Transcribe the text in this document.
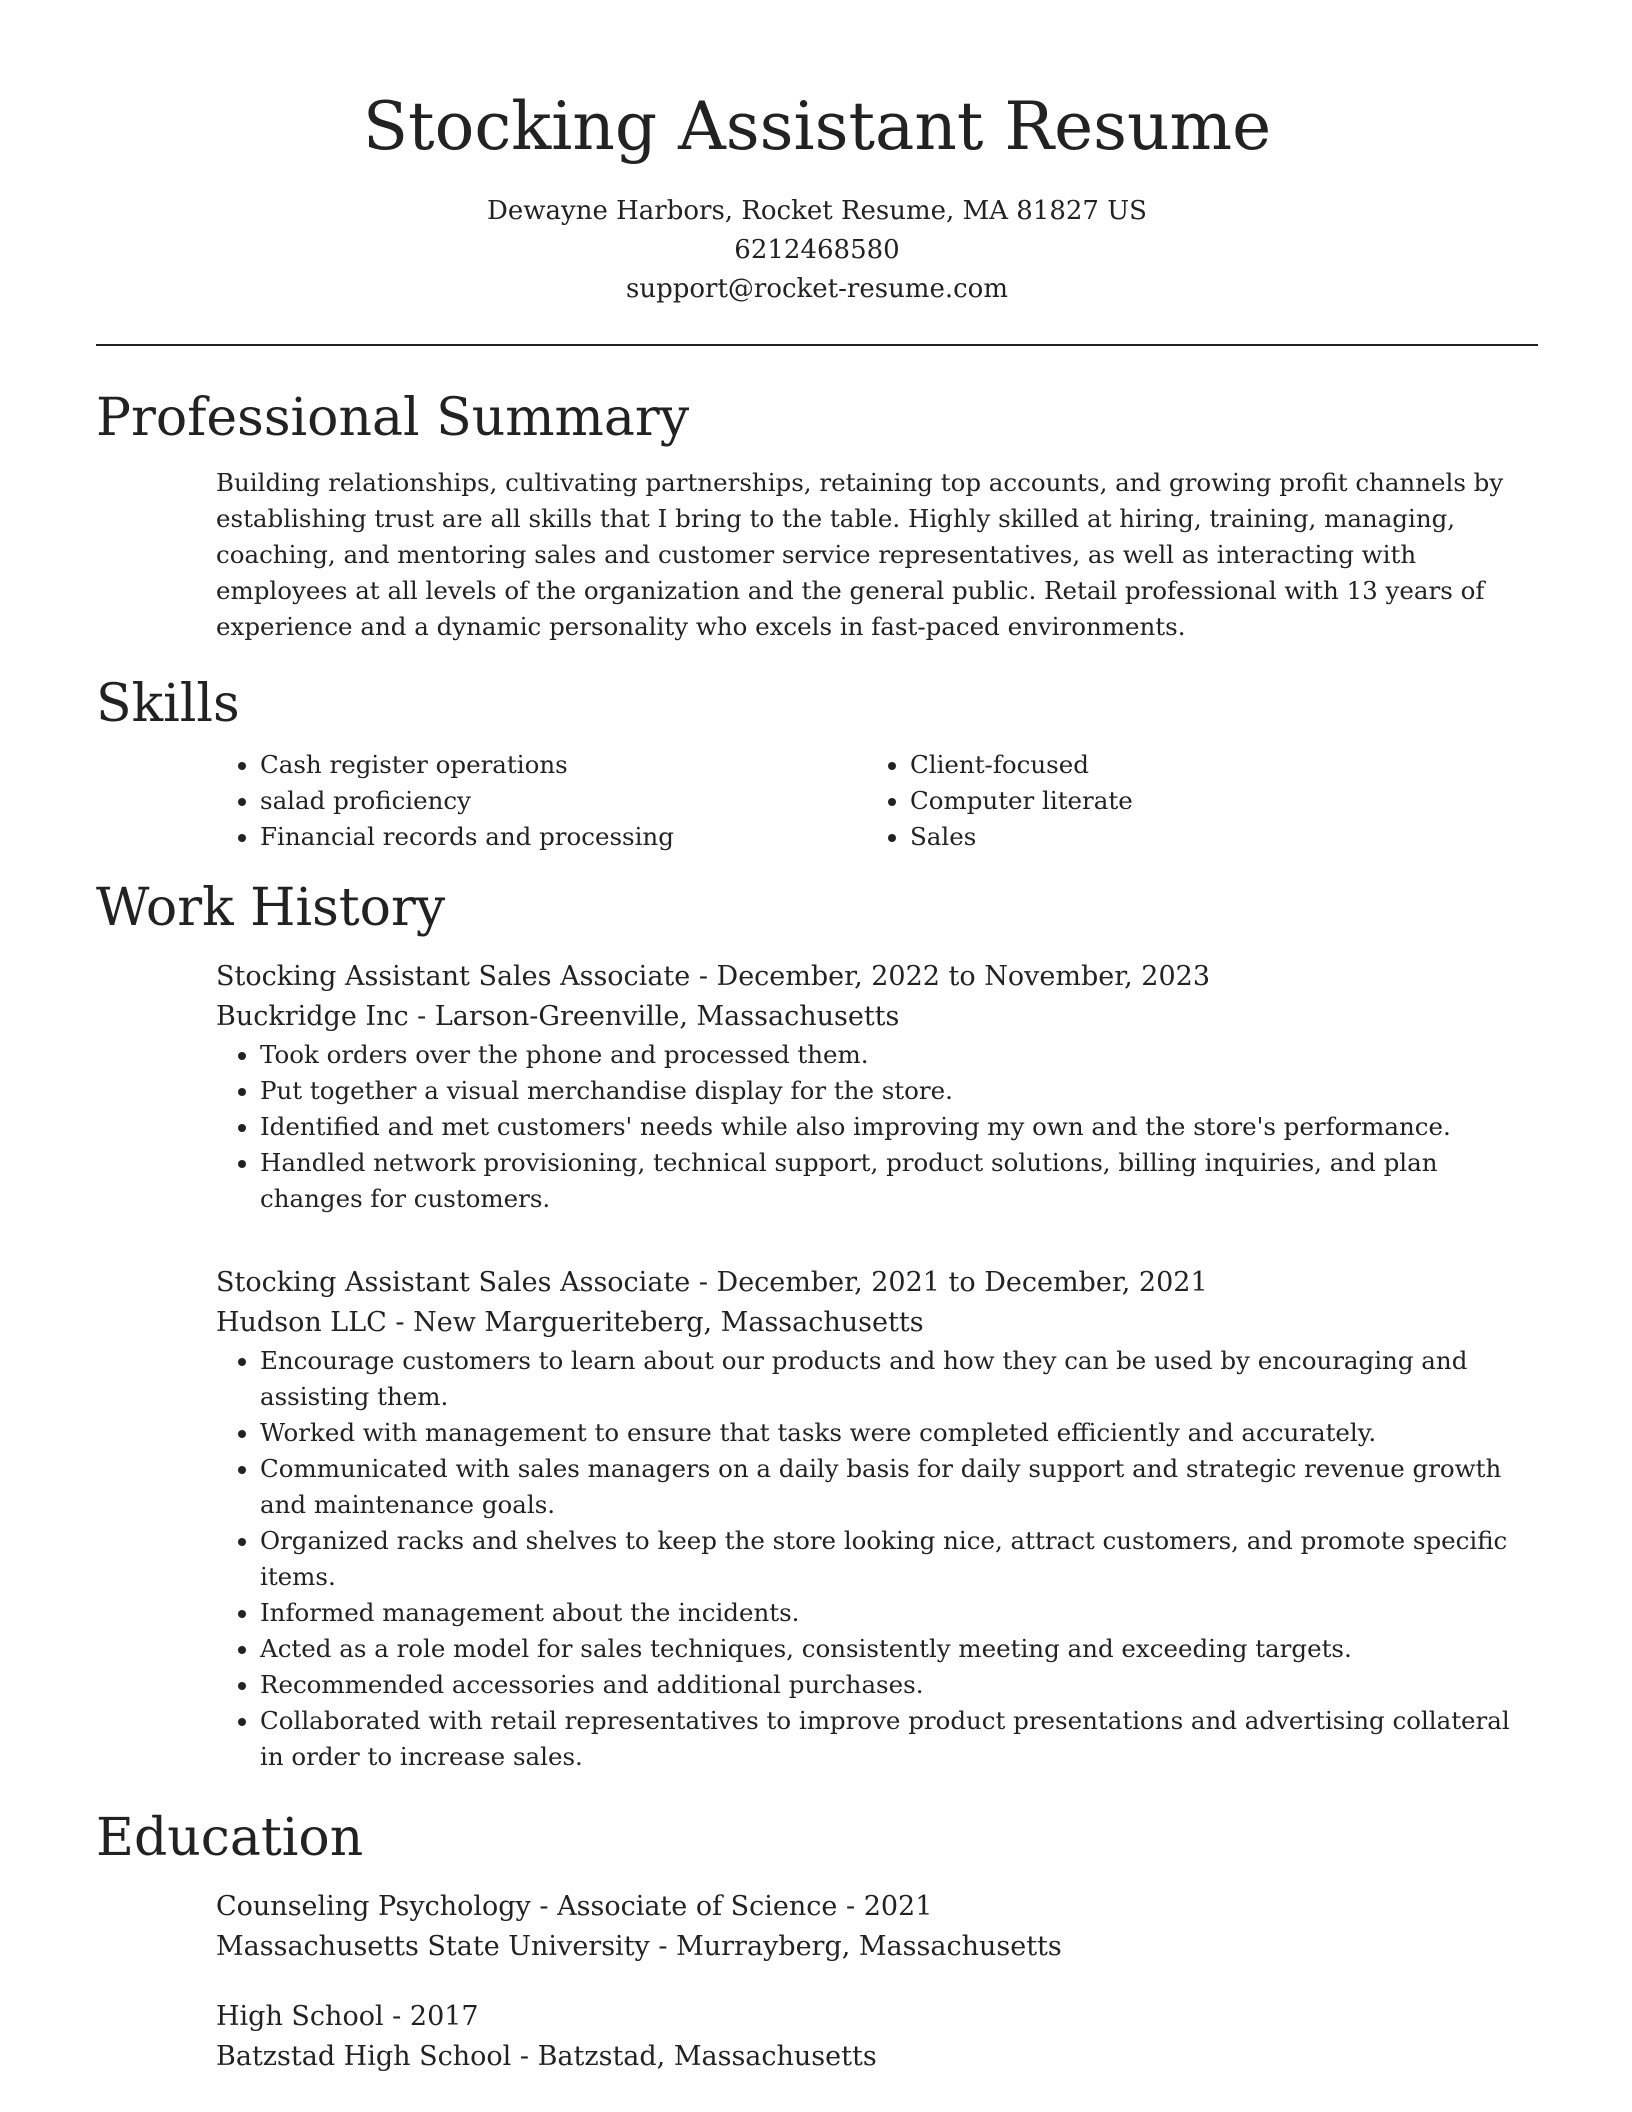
Stocking Assistant Resume
Dewayne Harbors, Rocket Resume, MA 81827 US
6212468580
support@rocket-resume.com
Professional Summary
Building relationships, cultivating partnerships, retaining top accounts, and growing profit channels by establishing trust are all skills that I bring to the table. Highly skilled at hiring, training, managing, coaching, and mentoring sales and customer service representatives, as well as interacting with employees at all levels of the organization and the general public. Retail professional with 13 years of experience and a dynamic personality who excels in fast-paced environments.
Skills
• Cash register operations
• salad proficiency
• Financial records and processing
• Client-focused
• Computer literate
• Sales
Work History
Stocking Assistant Sales Associate - December, 2022 to November, 2023
Buckridge Inc - Larson-Greenville, Massachusetts
• Took orders over the phone and processed them.
• Put together a visual merchandise display for the store.
• Identified and met customers' needs while also improving my own and the store's performance.
• Handled network provisioning, technical support, product solutions, billing inquiries, and plan changes for customers.
Stocking Assistant Sales Associate - December, 2021 to December, 2021
Hudson LLC - New Margueriteberg, Massachusetts
• Encourage customers to learn about our products and how they can be used by encouraging and assisting them.
• Worked with management to ensure that tasks were completed efficiently and accurately.
• Communicated with sales managers on a daily basis for daily support and strategic revenue growth and maintenance goals.
• Organized racks and shelves to keep the store looking nice, attract customers, and promote specific items.
• Informed management about the incidents.
• Acted as a role model for sales techniques, consistently meeting and exceeding targets.
• Recommended accessories and additional purchases.
• Collaborated with retail representatives to improve product presentations and advertising collateral in order to increase sales.
Education
Counseling Psychology - Associate of Science - 2021
Massachusetts State University - Murrayberg, Massachusetts
High School - 2017
Batzstad High School - Batzstad, Massachusetts
